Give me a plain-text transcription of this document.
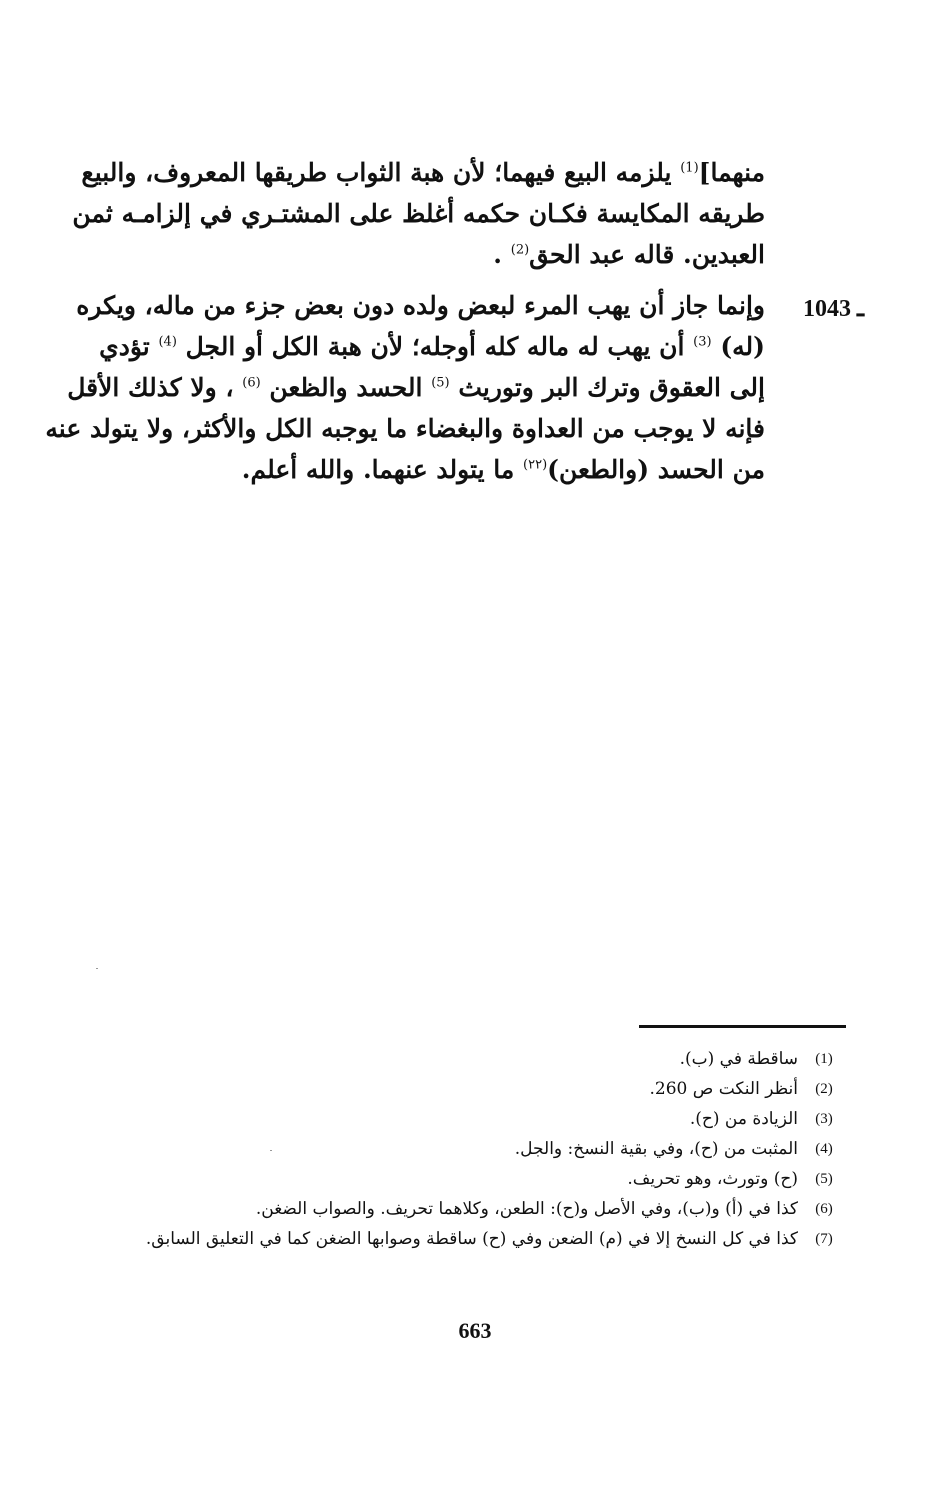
منهما]$^{(1)}$ يلزمه البيع فيهما؛ لأن هبة الثواب طريقها المعروف، والبيع
طريقه المكايسة فكـان حكمه أغلظ على المشتـري في إلزامـه ثمن
العبدين. قاله عبد الحق$^{(2)}$ .

وإنما جاز أن يهب المرء لبعض ولده دون بعض جزء من ماله، ويكره
(له) $^{(3)}$ أن يهب له ماله كله أوجله؛ لأن هبة الكل أو الجل $^{(4)}$ تؤدي
إلى العقوق وترك البر وتوريث $^{(5)}$ الحسد والظعن $^{(6)}$ ، ولا كذلك الأقل
فإنه لا يوجب من العداوة والبغضاء ما يوجبه الكل والأكثر، ولا يتولد عنه
من الحسد (والطعن)$^{(٢٢)}$ ما يتولد عنهما. والله أعلم.

1043 ـ
(1)
ساقطة في (ب).
(2)
أنظر النكت ص 260.
(3)
الزيادة من (ح).
(4)
المثبت من (ح)، وفي بقية النسخ: والجل.
(5)
(ح) وتورث، وهو تحريف.
(6)
كذا في (أ) و(ب)، وفي الأصل و(ح): الطعن، وكلاهما تحريف. والصواب الضغن.
(7)
كذا في كل النسخ إلا في (م) الضعن وفي (ح) ساقطة وصوابها الضغن كما في التعليق السابق.
663
